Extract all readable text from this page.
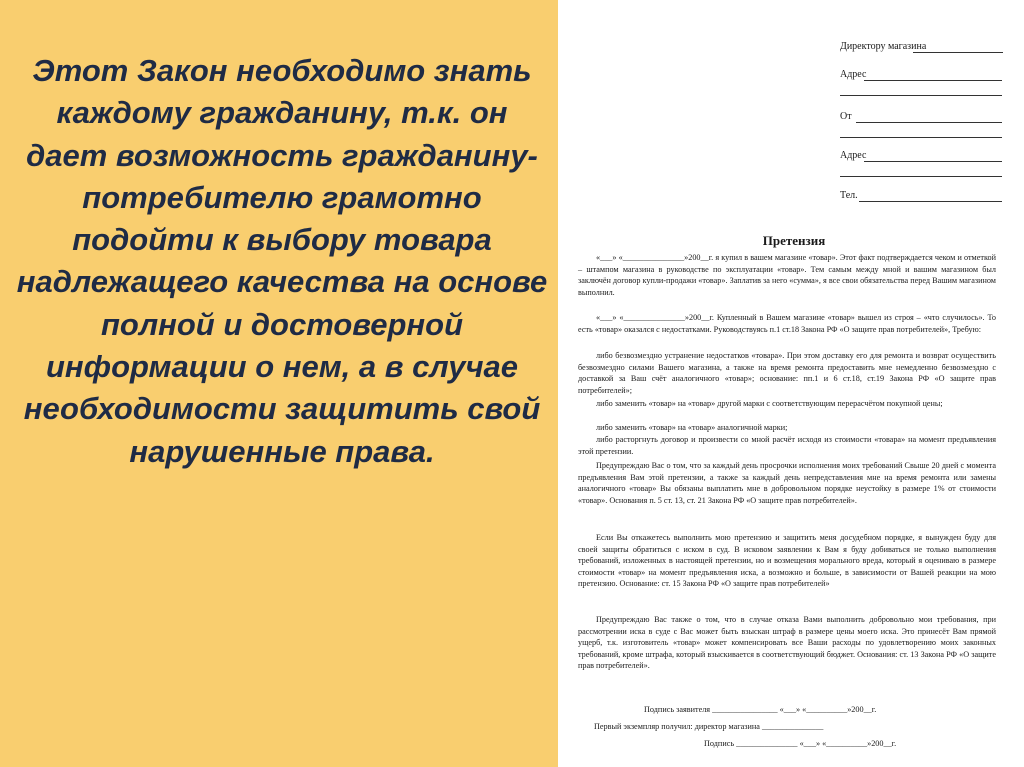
Этот Закон необходимо знать каждому гражданину, т.к. он дает возможность гражданину-потребителю грамотно подойти к выбору товара надлежащего качества на основе полной и достоверной информации о нем, а в случае необходимости защитить свой нарушенные права.

Директору магазина
Адрес
От
Адрес
Тел.
Претензия

«___» «_______________»200__г. я купил в вашем магазине «товар». Этот факт подтверждается чеком и отметкой – штампом магазина в руководстве по эксплуатации «товар». Тем самым между мной и вашим магазином был заключён договор купли-продажи «товар». Заплатив за него «сумма», я все свои обязательства перед Вашим магазином выполнил.

«___» «_______________»200__г. Купленный в Вашем магазине «товар» вышел из строя – «что случилось». То есть «товар» оказался с недостатками. Руководствуясь п.1 ст.18 Закона РФ «О защите прав потребителей», Требую:

либо безвозмездно устранение недостатков «товара». При этом доставку его для ремонта и возврат осуществить безвозмездно силами Вашего магазина, а также на время ремонта предоставить мне немедленно безвозмездно с доставкой за Ваш счёт аналогичного «товар»; основание: пп.1 и 6 ст.18, ст.19 Закона РФ «О защите прав потребителей»;

либо заменить «товар» на «товар» другой марки с соответствующим перерасчётом покупной цены;

либо заменить «товар» на «товар» аналогичной марки;

либо расторгнуть договор и произвести со мной расчёт исходя из стоимости «товара» на момент предъявления этой претензии.

Предупреждаю Вас о том, что за каждый день просрочки исполнения моих требований Свыше 20 дней с момента предъявления Вам этой претензии, а также за каждый день непредставления мне на время ремонта или замены аналогичного «товар» Вы обязаны выплатить мне в добровольном порядке неустойку в размере 1% от стоимости «товар». Основания п. 5 ст. 13, ст. 21 Закона РФ «О защите прав потребителей».

Если Вы откажетесь выполнить мою претензию и защитить меня досудебном порядке, я вынужден буду для своей защиты обратиться с иском в суд. В исковом заявлении к Вам я буду добиваться не только выполнения требований, изложенных в настоящей претензии, но и возмещения морального вреда, который я оцениваю в размере стоимости «товар» на момент предъявления иска, а возможно и больше, в зависимости от Вашей реакции на мою претензию. Основание: ст. 15 Закона РФ «О защите прав потребителей»

Предупреждаю Вас также о том, что в случае отказа Вами выполнить добровольно мои требования, при рассмотрении иска в суде с Вас может быть взыскан штраф в размере цены моего иска. Это принесёт Вам прямой ущерб, т.к. изготовитель «товар» может компенсировать все Ваши расходы по удовлетворению моих законных требований, кроме штрафа, который взыскивается в соответствующий бюджет. Основания: ст. 13 Закона РФ «О защите прав потребителей».

Подпись заявителя ________________ «___» «__________»200__г.
Первый экземпляр получил: директор магазина _______________
Подпись _______________ «___» «__________»200__г.
